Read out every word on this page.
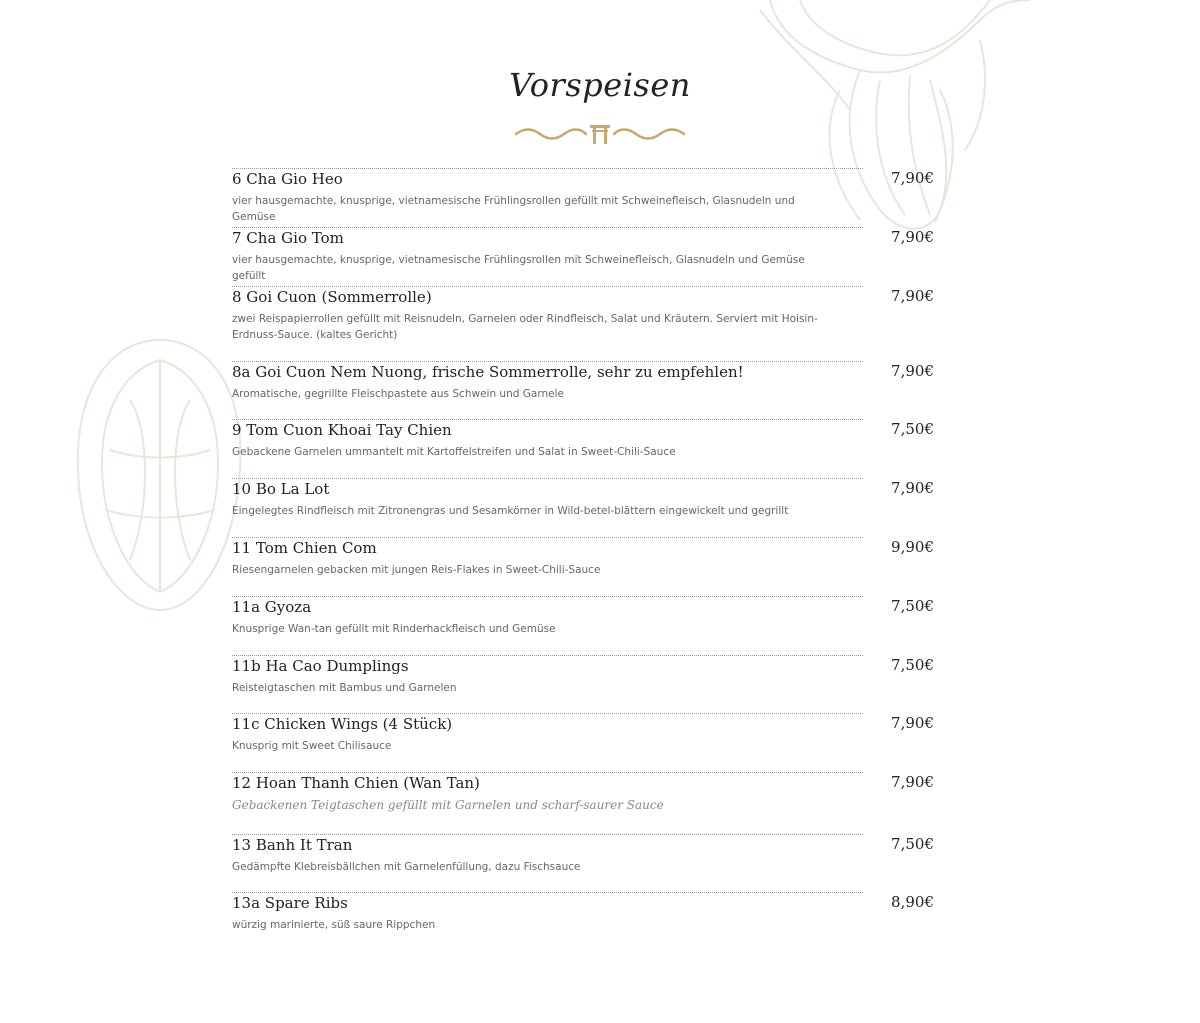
Vorspeisen
6 Cha Gio Heo
vier hausgemachte, knusprige, vietnamesische Frühlingsrollen gefüllt mit Schweinefleisch, Glasnudeln und Gemüse
7,90€
7 Cha Gio Tom
vier hausgemachte, knusprige, vietnamesische Frühlingsrollen mit Schweinefleisch, Glasnudeln und Gemüse gefüllt
7,90€
8 Goi Cuon (Sommerrolle)
zwei Reispapierrollen gefüllt mit Reisnudeln, Garnelen oder Rindfleisch, Salat und Kräutern. Serviert mit Hoisin-Erdnuss-Sauce. (kaltes Gericht)
7,90€
8a Goi Cuon Nem Nuong, frische Sommerrolle, sehr zu empfehlen!
Aromatische, gegrillte Fleischpastete aus Schwein und Garnele
7,90€
9 Tom Cuon Khoai Tay Chien
Gebackene Garnelen ummantelt mit Kartoffelstreifen und Salat in Sweet-Chili-Sauce
7,50€
10 Bo La Lot
Eingelegtes Rindfleisch mit Zitronengras und Sesamkörner in Wild-betel-blättern eingewickelt und gegrillt
7,90€
11 Tom Chien Com
Riesengarnelen gebacken mit jungen Reis-Flakes in Sweet-Chili-Sauce
9,90€
11a Gyoza
Knusprige Wan-tan gefüllt mit Rinderhackfleisch und Gemüse
7,50€
11b Ha Cao Dumplings
Reisteigtaschen mit Bambus und Garnelen
7,50€
11c Chicken Wings (4 Stück)
Knusprig mit Sweet Chilisauce
7,90€
12 Hoan Thanh Chien (Wan Tan)
Gebackenen Teigtaschen gefüllt mit Garnelen und scharf-saurer Sauce
7,90€
13 Banh It Tran
Gedämpfte Klebreisbällchen mit Garnelenfüllung, dazu Fischsauce
7,50€
13a Spare Ribs
würzig marinierte, süß saure Rippchen
8,90€
